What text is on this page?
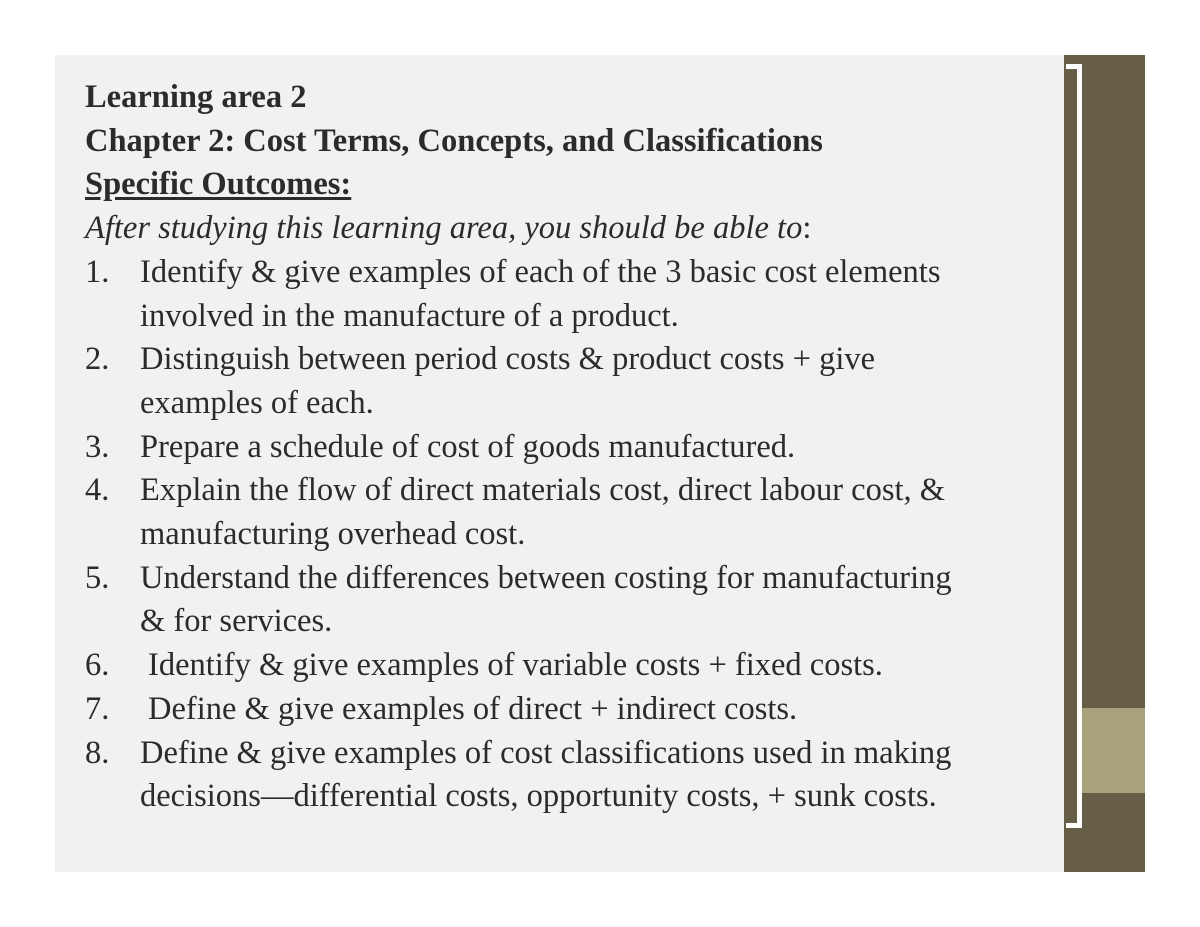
Learning area 2
Chapter 2: Cost Terms, Concepts, and Classifications
Specific Outcomes:
After studying this learning area, you should be able to:
1. Identify & give examples of each of the 3 basic cost elements
involved in the manufacture of a product.
2. Distinguish between period costs & product costs + give
examples of each.
3. Prepare a schedule of cost of goods manufactured.
4. Explain the flow of direct materials cost, direct labour cost, &
manufacturing overhead cost.
5. Understand the differences between costing for manufacturing
& for services.
6.	Identify & give examples of variable costs + fixed costs.
7.	Define & give examples of direct + indirect costs.
8. Define & give examples of cost classifications used in making
decisions—differential costs, opportunity costs, + sunk costs.
